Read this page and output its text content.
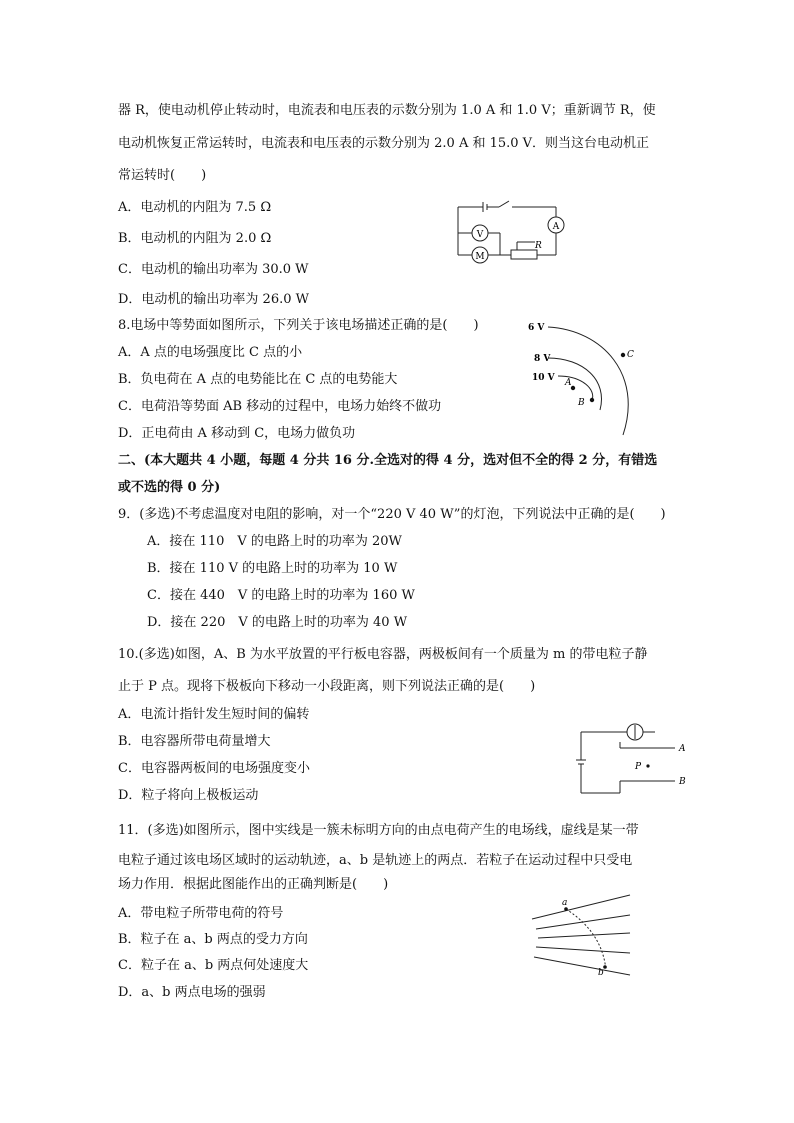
器 R，使电动机停止转动时，电流表和电压表的示数分别为 1.0 A 和 1.0 V；重新调节 R，使
电动机恢复正常运转时，电流表和电压表的示数分别为 2.0 A 和 15.0 V．则当这台电动机正
常运转时(　　)
A．电动机的内阻为 7.5 Ω
B．电动机的内阻为 2.0 Ω
C．电动机的输出功率为 30.0 W
D．电动机的输出功率为 26.0 W
A
V
M
R
8.电场中等势面如图所示，下列关于该电场描述正确的是(　　)
A．A 点的电场强度比 C 点的小
B．负电荷在 A 点的电势能比在 C 点的电势能大
C．电荷沿等势面 AB 移动的过程中，电场力始终不做功
D．正电荷由 A 移动到 C，电场力做负功
6 V
8 V
10 V
C
A
B
二、(本大题共 4 小题，每题 4 分共 16 分.全选对的得 4 分，选对但不全的得 2 分，有错选
或不选的得 0 分)
9．(多选)不考虑温度对电阻的影响，对一个“220 V 40 W”的灯泡，下列说法中正确的是(　　)
A．接在 110　V 的电路上时的功率为 20W
B．接在 110 V 的电路上时的功率为 10 W
C．接在 440　V 的电路上时的功率为 160 W
D．接在 220　V 的电路上时的功率为 40 W
10.(多选)如图，A、B 为水平放置的平行板电容器，两极板间有一个质量为 m 的带电粒子静
止于 P 点。现将下极板向下移动一小段距离，则下列说法正确的是(　　)
A．电流计指针发生短时间的偏转
B．电容器所带电荷量增大
C．电容器两板间的电场强度变小
D．粒子将向上极板运动
A
B
P
11．(多选)如图所示，图中实线是一簇未标明方向的由点电荷产生的电场线，虚线是某一带
电粒子通过该电场区域时的运动轨迹，a、b 是轨迹上的两点．若粒子在运动过程中只受电
场力作用．根据此图能作出的正确判断是(　　)
A．带电粒子所带电荷的符号
B．粒子在 a、b 两点的受力方向
C．粒子在 a、b 两点何处速度大
D．a、b 两点电场的强弱
a
b
